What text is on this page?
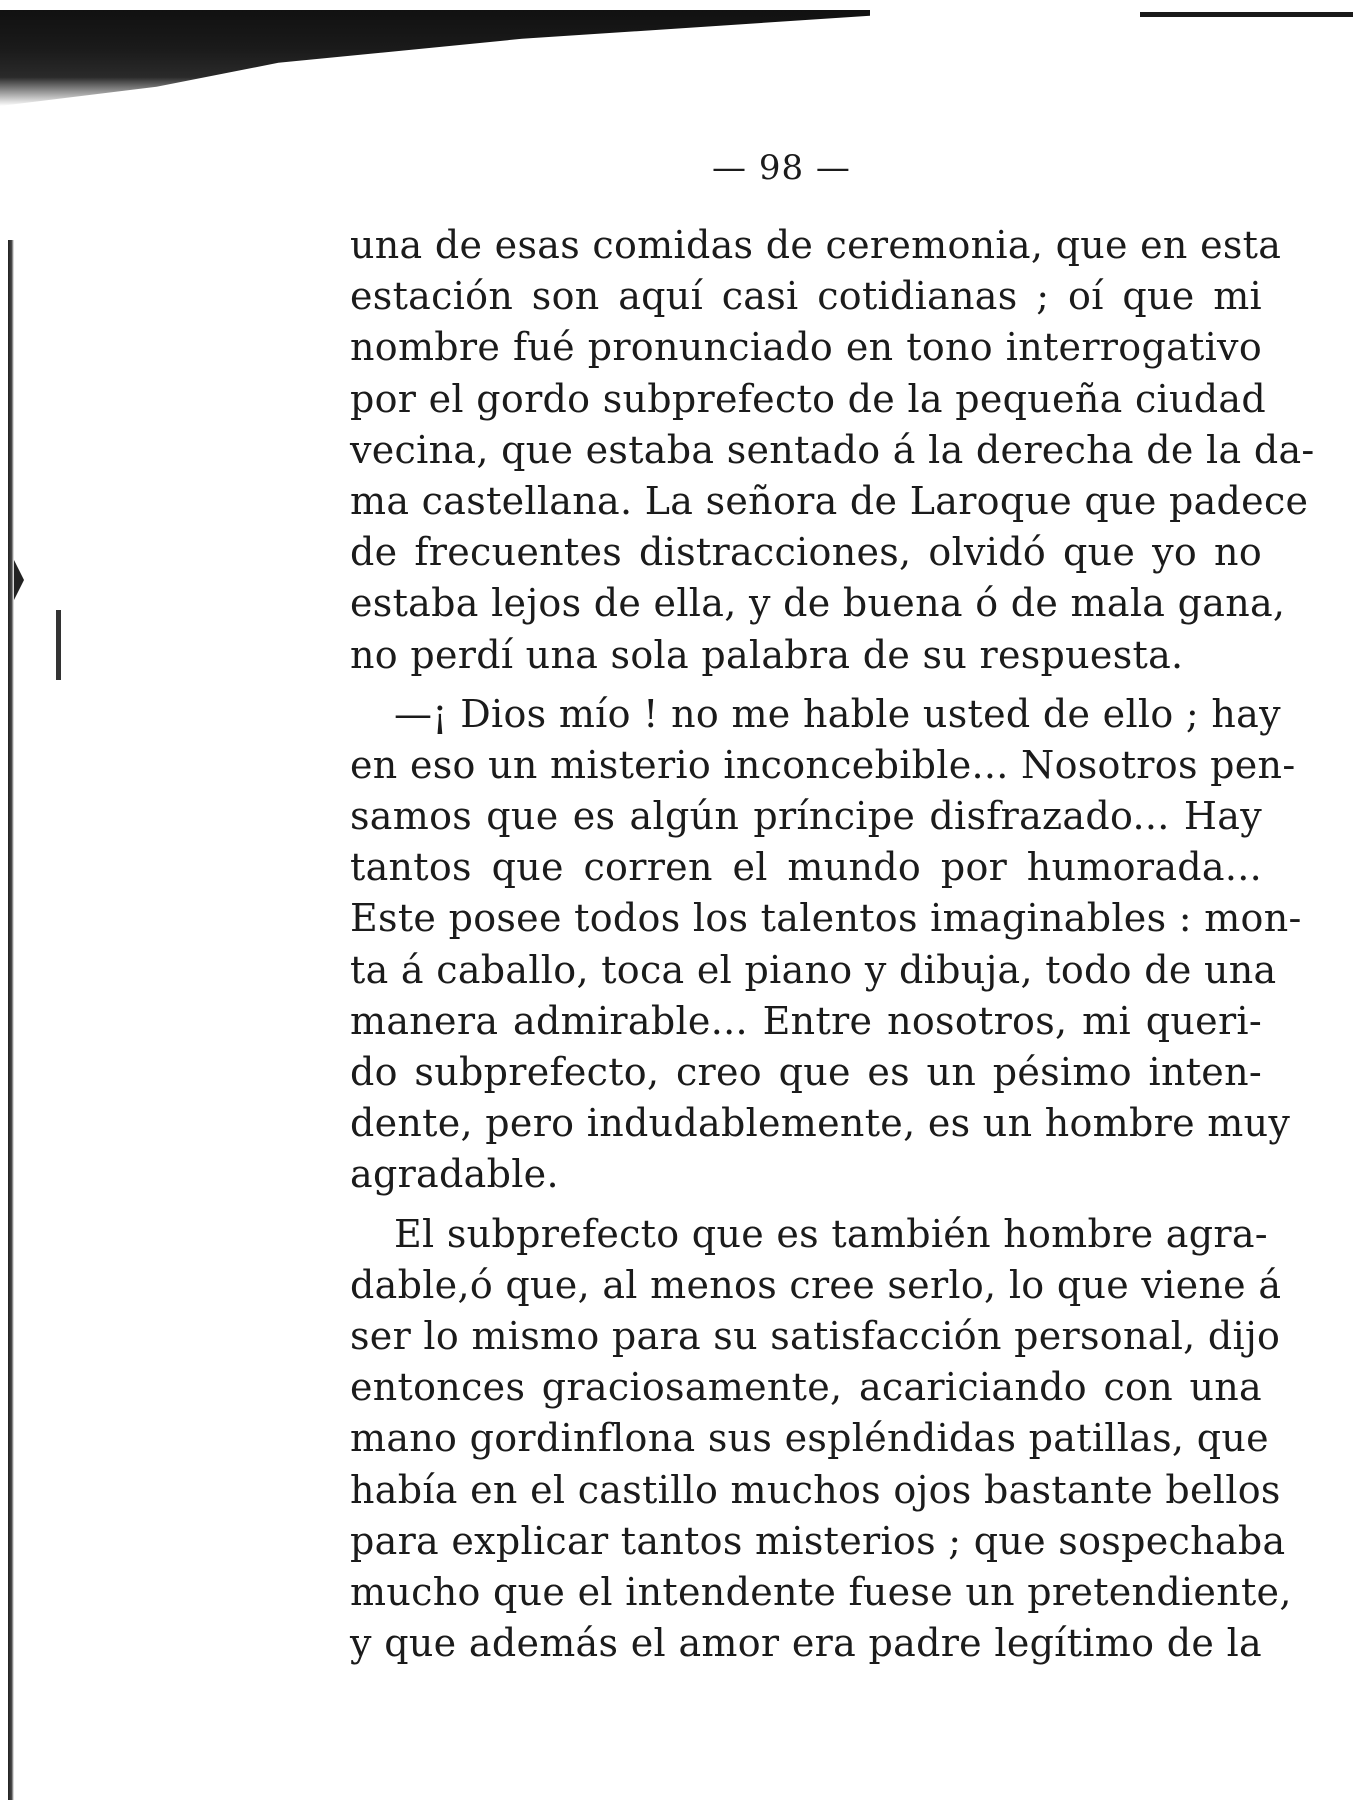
— 98 —
una de esas comidas de ceremonia, que en esta
estación son aquí casi cotidianas ; oí que mi
nombre fué pronunciado en tono interrogativo
por el gordo subprefecto de la pequeña ciudad
vecina, que estaba sentado á la derecha de la da-
ma castellana. La señora de Laroque que padece
de frecuentes distracciones, olvidó que yo no
estaba lejos de ella, y de buena ó de mala gana,
no perdí una sola palabra de su respuesta.
—¡ Dios mío ! no me hable usted de ello ; hay
en eso un misterio inconcebible... Nosotros pen-
samos que es algún príncipe disfrazado... Hay
tantos que corren el mundo por humorada...
Este posee todos los talentos imaginables : mon-
ta á caballo, toca el piano y dibuja, todo de una
manera admirable... Entre nosotros, mi queri-
do subprefecto, creo que es un pésimo inten-
dente, pero indudablemente, es un hombre muy
agradable.
El subprefecto que es también hombre agra-
dable,ó que, al menos cree serlo, lo que viene á
ser lo mismo para su satisfacción personal, dijo
entonces graciosamente, acariciando con una
mano gordinflona sus espléndidas patillas, que
había en el castillo muchos ojos bastante bellos
para explicar tantos misterios ; que sospechaba
mucho que el intendente fuese un pretendiente,
y que además el amor era padre legítimo de la
